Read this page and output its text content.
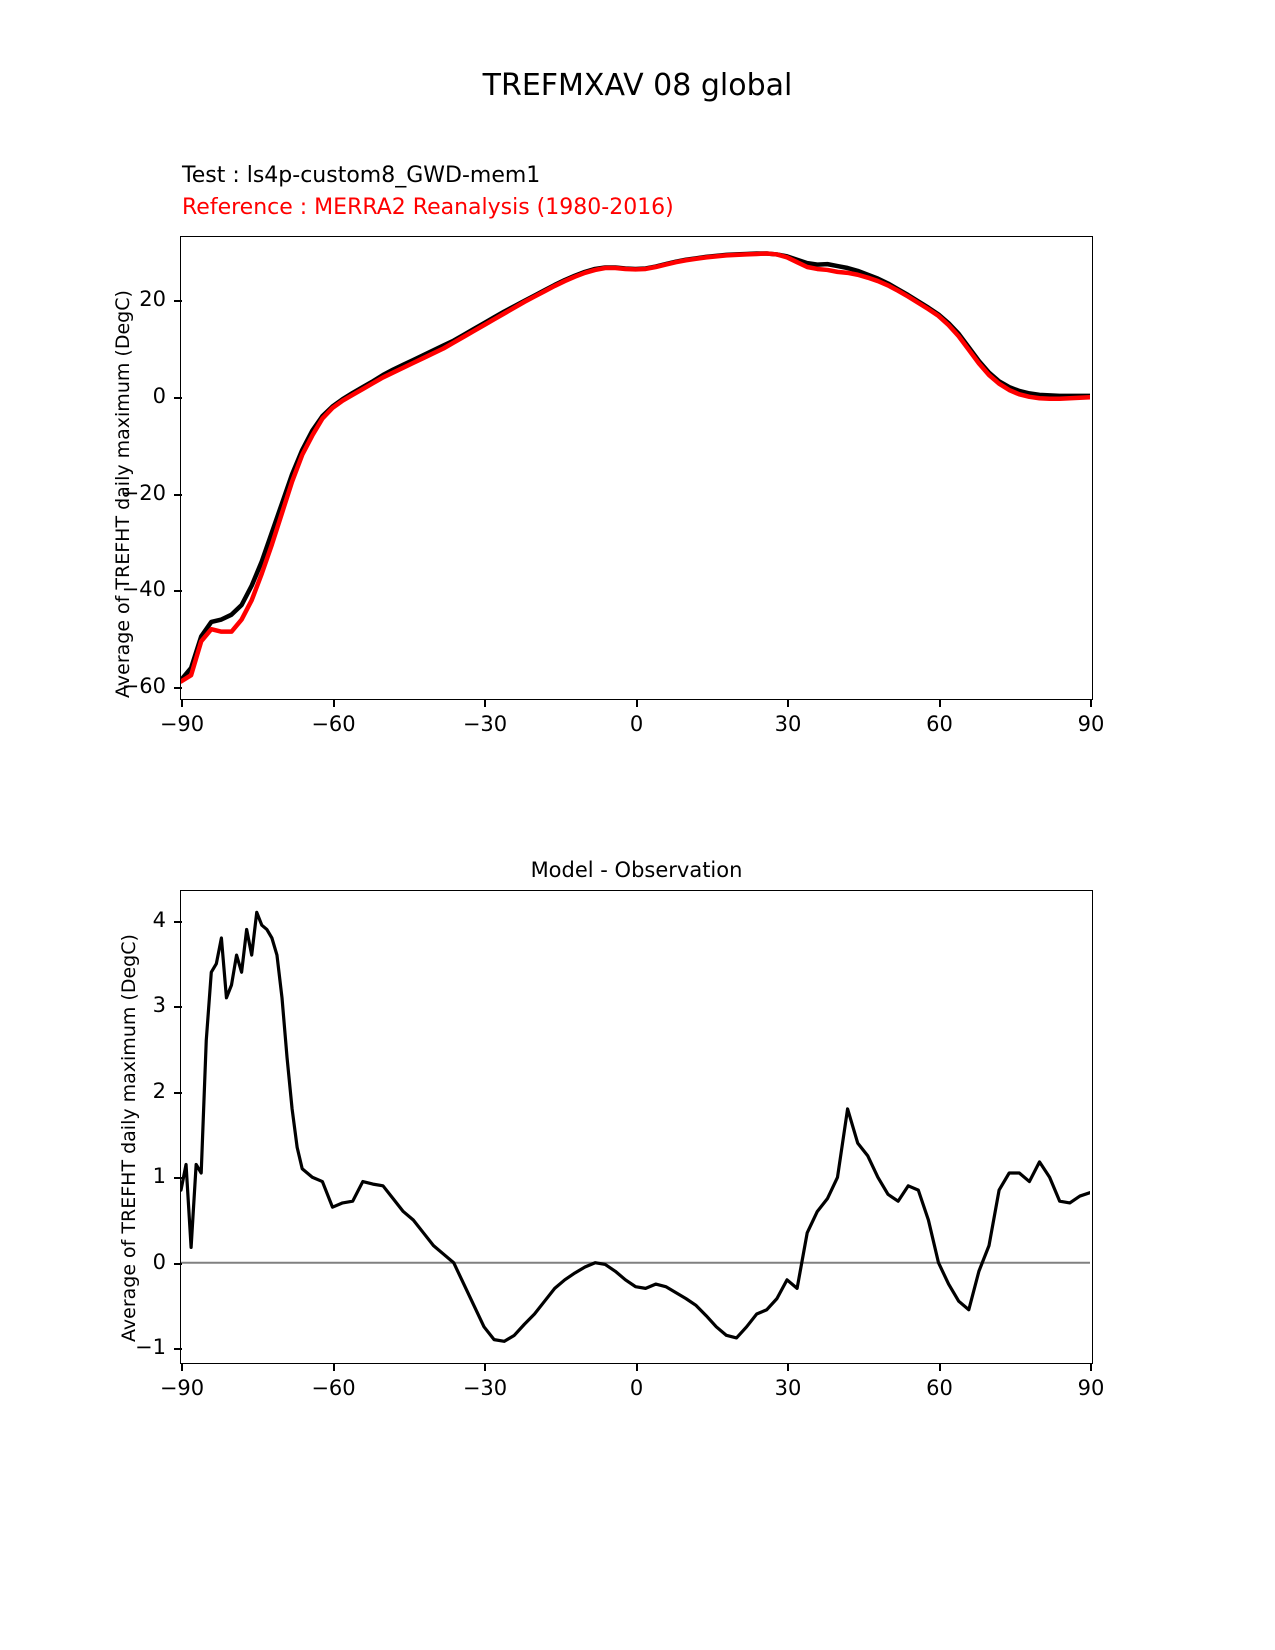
TREFMXAV 08 global
Test : ls4p-custom8_GWD-mem1
Reference : MERRA2 Reanalysis (1980-2016)
Average of TREFHT daily maximum (DegC)
−90	−60	−30	0	30	60	90
−60
−40
−20
0
20
Model - Observation
Average of TREFHT daily maximum (DegC)
−90	−60	−30	0	30	60	90
−1
0
1
2
3
4
